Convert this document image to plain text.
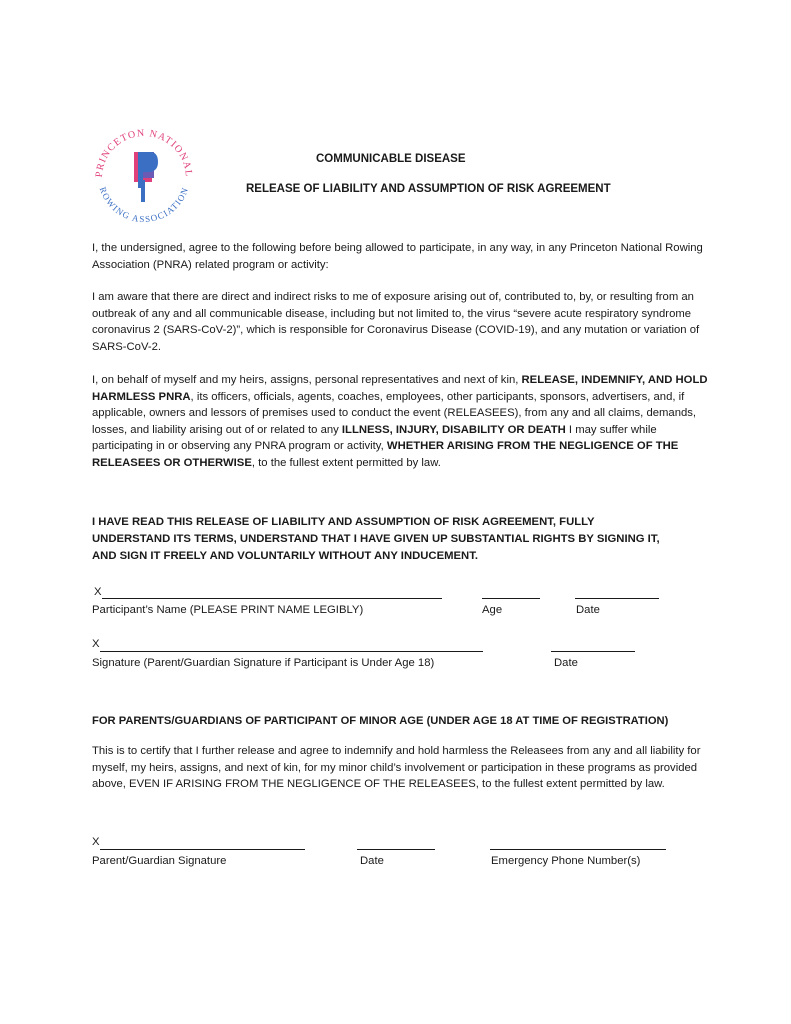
PRINCETON NATIONAL
ROWING ASSOCIATION
COMMUNICABLE DISEASE
RELEASE OF LIABILITY AND ASSUMPTION OF RISK AGREEMENT

I, the undersigned, agree to the following before being allowed to participate, in any way, in any Princeton National Rowing Association (PNRA) related program or activity:

I am aware that there are direct and indirect risks to me of exposure arising out of, contributed to, by, or resulting from an outbreak of any and all communicable disease, including but not limited to, the virus “severe acute respiratory syndrome coronavirus 2 (SARS-CoV-2)”, which is responsible for Coronavirus Disease (COVID-19), and any mutation or variation of SARS-CoV-2.

I, on behalf of myself and my heirs, assigns, personal representatives and next of kin, RELEASE, INDEMNIFY, AND HOLD HARMLESS PNRA, its officers, officials, agents, coaches, employees, other participants, sponsors, advertisers, and, if applicable, owners and lessors of premises used to conduct the event (RELEASEES), from any and all claims, demands, losses, and liability arising out of or related to any ILLNESS, INJURY, DISABILITY OR DEATH I may suffer while participating in or observing any PNRA program or activity, WHETHER ARISING FROM THE NEGLIGENCE OF THE RELEASEES OR OTHERWISE, to the fullest extent permitted by law.

I HAVE READ THIS RELEASE OF LIABILITY AND ASSUMPTION OF RISK AGREEMENT, FULLY
UNDERSTAND ITS TERMS, UNDERSTAND THAT I HAVE GIVEN UP SUBSTANTIAL RIGHTS BY SIGNING IT,
AND SIGN IT FREELY AND VOLUNTARILY WITHOUT ANY INDUCEMENT.
X
Participant’s Name (PLEASE PRINT NAME LEGIBLY)	Age	Date
X
Signature (Parent/Guardian Signature if Participant is Under Age 18)	Date
FOR PARENTS/GUARDIANS OF PARTICIPANT OF MINOR AGE (UNDER AGE 18 AT TIME OF REGISTRATION)

This is to certify that I further release and agree to indemnify and hold harmless the Releasees from any and all liability for myself, my heirs, assigns, and next of kin, for my minor child’s involvement or participation in these programs as provided above, EVEN IF ARISING FROM THE NEGLIGENCE OF THE RELEASEES, to the fullest extent permitted by law.

X
Parent/Guardian Signature	Date	Emergency Phone Number(s)
